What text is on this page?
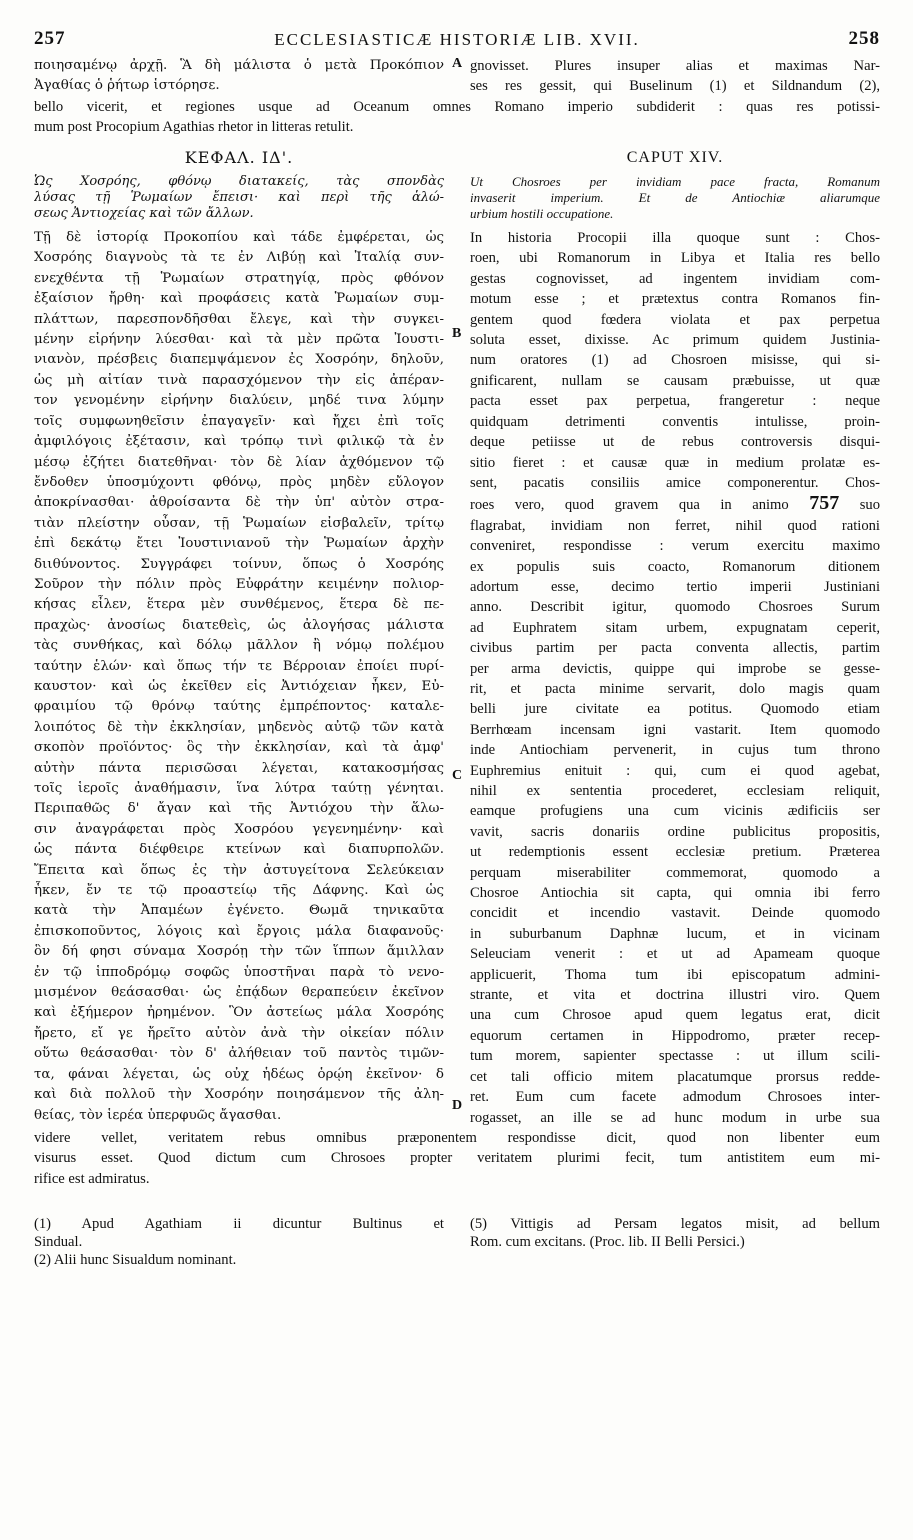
257	ECCLESIASTICÆ HISTORIÆ LIB. XVII.	258
ποιησαμένῳ ἀρχῇ. Ἃ δὴ μάλιστα ὁ μετὰ Προκόπιον
Ἀγαθίας ὁ ῥήτωρ ἱστόρησε.
A gnovisset. Plures insuper alias et maximas Nar-
ses res gessit, qui Buselinum (1) et Sildnandum (2),
bello vicerit, et regiones usque ad Oceanum omnes Romano imperio subdiderit : quas res potissi-
mum post Procopium Agathias rhetor in litteras retulit.
ΚΕΦΑΛ. ΙΔ'.
Ὡς Χοσρόης, φθόνῳ διατακείς, τὰς σπονδὰς
λύσας τῇ Ῥωμαίων ἔπεισι· καὶ περὶ τῆς ἁλώ-
σεως Ἀντιοχείας καὶ τῶν ἄλλων.
Τῇ δὲ ἱστορίᾳ Προκοπίου καὶ τάδε ἐμφέρεται, ὡς
Χοσρόης διαγνοὺς τὰ τε ἐν Λιβύῃ καὶ Ἰταλίᾳ συν-
ενεχθέντα τῇ Ῥωμαίων στρατηγίᾳ, πρὸς φθόνον
ἐξαίσιον ἤρθη· καὶ προφάσεις κατὰ Ῥωμαίων συμ-
πλάττων, παρεσπονδῆσθαι ἔλεγε, καὶ τὴν συγκει-
μένην εἰρήνην λύεσθαι· καὶ τὰ μὲν πρῶτα Ἰουστι-
νιανὸν, πρέσβεις διαπεμψάμενον ἐς Χοσρόην, δηλοῦν,
ὡς μὴ αἰτίαν τινὰ παρασχόμενον τὴν εἰς ἀπέραν-
τον γενομένην εἰρήνην διαλύειν, μηδέ τινα λύμην
τοῖς συμφωνηθεῖσιν ἐπαγαγεῖν· καὶ ἤχει ἐπὶ τοῖς
ἀμφιλόγοις ἐξέτασιν, καὶ τρόπῳ τινὶ φιλικῷ τὰ ἐν
μέσῳ ἐζήτει διατεθῆναι· τὸν δὲ λίαν ἀχθόμενον τῷ
ἔνδοθεν ὑποσμύχοντι φθόνῳ, πρὸς μηδὲν εὔλογον
ἀποκρίνασθαι· ἀθροίσαντα δὲ τὴν ὑπ' αὐτὸν στρα-
τιὰν πλείστην οὖσαν, τῇ Ῥωμαίων εἰσβαλεῖν, τρίτῳ
ἐπὶ δεκάτῳ ἔτει Ἰουστινιανοῦ τὴν Ῥωμαίων ἀρχὴν
διιθύνοντος. Συγγράφει τοίνυν, ὅπως ὁ Χοσρόης
Σοῦρον τὴν πόλιν πρὸς Εὐφράτην κειμένην πολιορ-
κήσας εἶλεν, ἕτερα μὲν συνθέμενος, ἕτερα δὲ πε-
πραχὼς· ἀνοσίως διατεθεὶς, ὡς ἀλογήσας μάλιστα
τὰς συνθήκας, καὶ δόλῳ μᾶλλον ἢ νόμῳ πολέμου
ταύτην ἑλών· καὶ ὅπως τήν τε Βέρροιαν ἐποίει πυρί-
καυστον· καὶ ὡς ἐκεῖθεν εἰς Ἀντιόχειαν ἧκεν, Εὐ-
φραιμίου τῷ θρόνῳ ταύτης ἐμπρέποντος· καταλε-
λοιπότος δὲ τὴν ἐκκλησίαν, μηδενὸς αὐτῷ τῶν κατὰ
σκοπὸν προϊόντος· ὃς τὴν ἐκκλησίαν, καὶ τὰ ἀμφ'
αὐτὴν πάντα περισῶσαι λέγεται, κατακοσμήσας
τοῖς ἱεροῖς ἀναθήμασιν, ἵνα λύτρα ταύτῃ γένηται.
Περιπαθῶς δ' ἄγαν καὶ τῆς Ἀντιόχου τὴν ἅλω-
σιν ἀναγράφεται πρὸς Χοσρόου γεγενημένην· καὶ
ὡς πάντα διέφθειρε κτείνων καὶ διαπυρπολῶν.
Ἔπειτα καὶ ὅπως ἐς τὴν ἀστυγείτονα Σελεύκειαν
ἧκεν, ἔν τε τῷ προαστείῳ τῆς Δάφνης. Καὶ ὡς
κατὰ τὴν Ἀπαμέων ἐγένετο. Θωμᾶ τηνικαῦτα
ἐπισκοποῦντος, λόγοις καὶ ἔργοις μάλα διαφανοῦς·
ὃν δή φησι σύναμα Χοσρόῃ τὴν τῶν ἵππων ἅμιλλαν
ἐν τῷ ἱπποδρόμῳ σοφῶς ὑποστῆναι παρὰ τὸ νενο-
μισμένον θεάσασθαι· ὡς ἐπᾴδων θεραπεύειν ἐκεῖνον
καὶ ἐξήμερον ἠρημένον. Ὃν ἀστείως μάλα Χοσρόης
ἤρετο, εἴ γε ἤρεῖτο αὐτὸν ἀνὰ τὴν οἰκείαν πόλιν
οὕτω θεάσασθαι· τὸν δ' ἀλήθειαν τοῦ παντὸς τιμῶν-
τα, φάναι λέγεται, ὡς οὐχ ἡδέως ὁρῴη ἐκεῖνον· δ
καὶ διὰ πολλοῦ τὴν Χοσρόην ποιησάμενον τῆς ἀλη-
θείας, τὸν ἱερέα ὑπερφυῶς ἄγασθαι.
B
C
D
CAPUT XIV.
Ut Chosroes per invidiam pace fracta, Romanum
invaserit imperium. Et de Antiochiæ aliarumque
urbium hostili occupatione.
In historia Procopii illa quoque sunt : Chos-
roen, ubi Romanorum in Libya et Italia res bello
gestas cognovisset, ad ingentem invidiam com-
motum esse ; et prætextus contra Romanos fin-
gentem quod fœdera violata et pax perpetua
soluta esset, dixisse. Ac primum quidem Justinia-
num oratores (1) ad Chosroen misisse, qui si-
gnificarent, nullam se causam præbuisse, ut quæ
pacta esset pax perpetua, frangeretur : neque
quidquam detrimenti conventis intulisse, proin-
deque petiisse ut de rebus controversis disqui-
sitio fieret : et causæ quæ in medium prolatæ es-
sent, pacatis consiliis amice componerentur. Chos-
roes vero, quod gravem qua in animo 757 suo
flagrabat, invidiam non ferret, nihil quod rationi
conveniret, respondisse : verum exercitu maximo
ex populis suis coacto, Romanorum ditionem
adortum esse, decimo tertio imperii Justiniani
anno. Describit igitur, quomodo Chosroes Surum
ad Euphratem sitam urbem, expugnatam ceperit,
civibus partim per pacta conventa allectis, partim
per arma devictis, quippe qui improbe se gesse-
rit, et pacta minime servarit, dolo magis quam
belli jure civitate ea potitus. Quomodo etiam
Berrhœam incensam igni vastarit. Item quomodo
inde Antiochiam pervenerit, in cujus tum throno
Euphremius enituit : qui, cum ei quod agebat,
nihil ex sententia procederet, ecclesiam reliquit,
eamque profugiens una cum vicinis ædificiis ser
vavit, sacris donariis ordine publicitus propositis,
ut redemptionis essent ecclesiæ pretium. Præterea
perquam miserabiliter commemorat, quomodo a
Chosroe Antiochia sit capta, qui omnia ibi ferro
concidit et incendio vastavit. Deinde quomodo
in suburbanum Daphnæ lucum, et in vicinam
Seleuciam venerit : et ut ad Apameam quoque
applicuerit, Thoma tum ibi episcopatum admini-
strante, et vita et doctrina illustri viro. Quem
una cum Chrosoe apud quem legatus erat, dicit
equorum certamen in Hippodromo, præter recep-
tum morem, sapienter spectasse : ut illum scili-
cet tali officio mitem placatumque prorsus redde-
ret. Eum cum facete admodum Chrosoes inter-
rogasset, an ille se ad hunc modum in urbe sua
videre vellet, veritatem rebus omnibus præponentem respondisse dicit, quod non libenter eum
visurus esset. Quod dictum cum Chrosoes propter veritatem plurimi fecit, tum antistitem eum mi-
rifice est admiratus.
(1) Apud Agathiam ii dicuntur Bultinus et
Sindual.
(2) Alii hunc Sisualdum nominant.
(5) Vittigis ad Persam legatos misit, ad bellum
Rom. cum excitans. (Proc. lib. II Belli Persici.)
